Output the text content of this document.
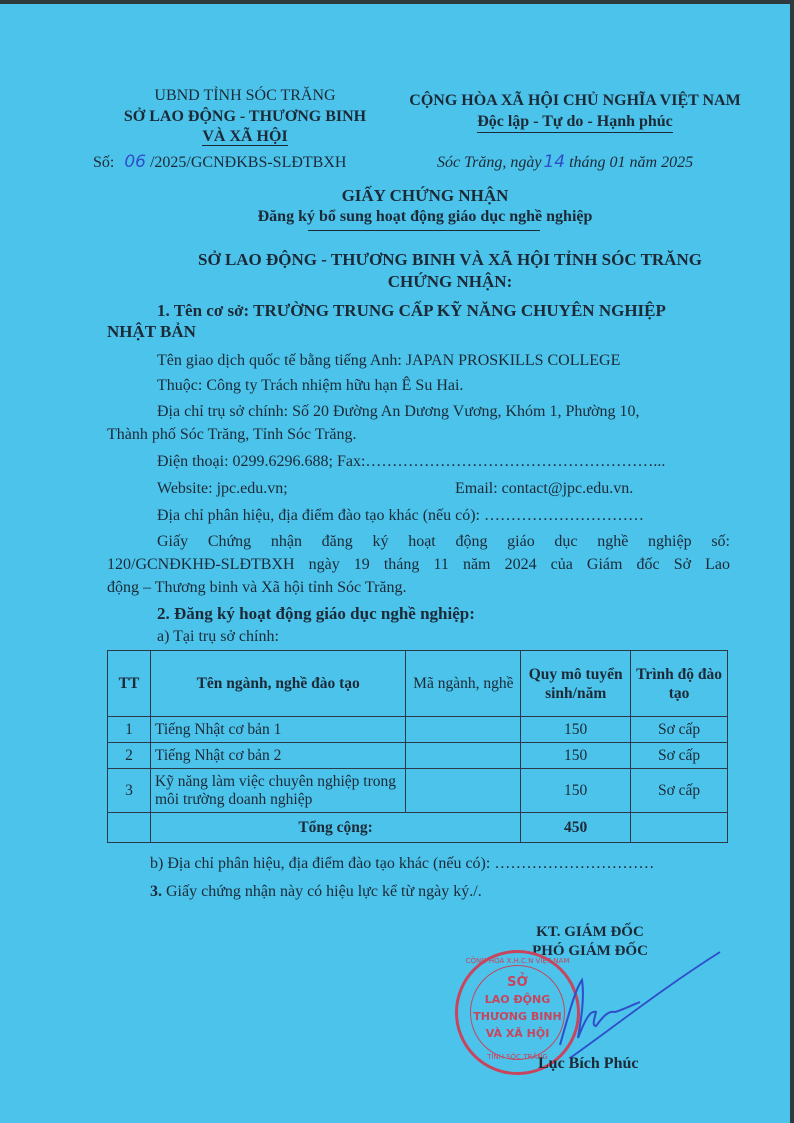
UBND TỈNH SÓC TRĂNG
SỞ LAO ĐỘNG - THƯƠNG BINH
VÀ XÃ HỘI
Số: 06 /2025/GCNĐKBS-SLĐTBXH
CỘNG HÒA XÃ HỘI CHỦ NGHĨA VIỆT NAM
Độc lập - Tự do - Hạnh phúc
Sóc Trăng, ngày 14 tháng 01 năm 2025
GIẤY CHỨNG NHẬN
Đăng ký bổ sung hoạt động giáo dục nghề nghiệp
SỞ LAO ĐỘNG - THƯƠNG BINH VÀ XÃ HỘI TỈNH SÓC TRĂNG
CHỨNG NHẬN:
1. Tên cơ sở: TRƯỜNG TRUNG CẤP KỸ NĂNG CHUYÊN NGHIỆP
NHẬT BẢN
Tên giao dịch quốc tế bằng tiếng Anh: JAPAN PROSKILLS COLLEGE
Thuộc: Công ty Trách nhiệm hữu hạn Ê Su Hai.
Địa chỉ trụ sở chính: Số 20 Đường An Dương Vương, Khóm 1, Phường 10,
Thành phố Sóc Trăng, Tỉnh Sóc Trăng.
Điện thoại: 0299.6296.688; Fax:………………………………………………...
Website: jpc.edu.vn;	Email: contact@jpc.edu.vn.
Địa chỉ phân hiệu, địa điểm đào tạo khác (nếu có): …………………………
Giấy Chứng nhận đăng ký hoạt động giáo dục nghề nghiệp số:
120/GCNĐKHĐ-SLĐTBXH ngày 19 tháng 11 năm 2024 của Giám đốc Sở Lao
động – Thương binh và Xã hội tỉnh Sóc Trăng.
2. Đăng ký hoạt động giáo dục nghề nghiệp:
a) Tại trụ sở chính:
TT	Tên ngành, nghề đào tạo	Mã ngành, nghề	Quy mô tuyển sinh/năm	Trình độ đào tạo
1	Tiếng Nhật cơ bản 1		150	Sơ cấp
2	Tiếng Nhật cơ bản 2		150	Sơ cấp
3	Kỹ năng làm việc chuyên nghiệp trong môi trường doanh nghiệp		150	Sơ cấp
	Tổng cộng:		450	
b) Địa chỉ phân hiệu, địa điểm đào tạo khác (nếu có): …………………………
3. Giấy chứng nhận này có hiệu lực kể từ ngày ký./.
KT. GIÁM ĐỐC
PHÓ GIÁM ĐỐC
CỘNG HÒA X.H.C.N VIỆT NAM
SỞ
LAO ĐỘNG
THƯƠNG BINH
VÀ XÃ HỘI
TỈNH SÓC TRĂNG
Lục Bích Phúc
